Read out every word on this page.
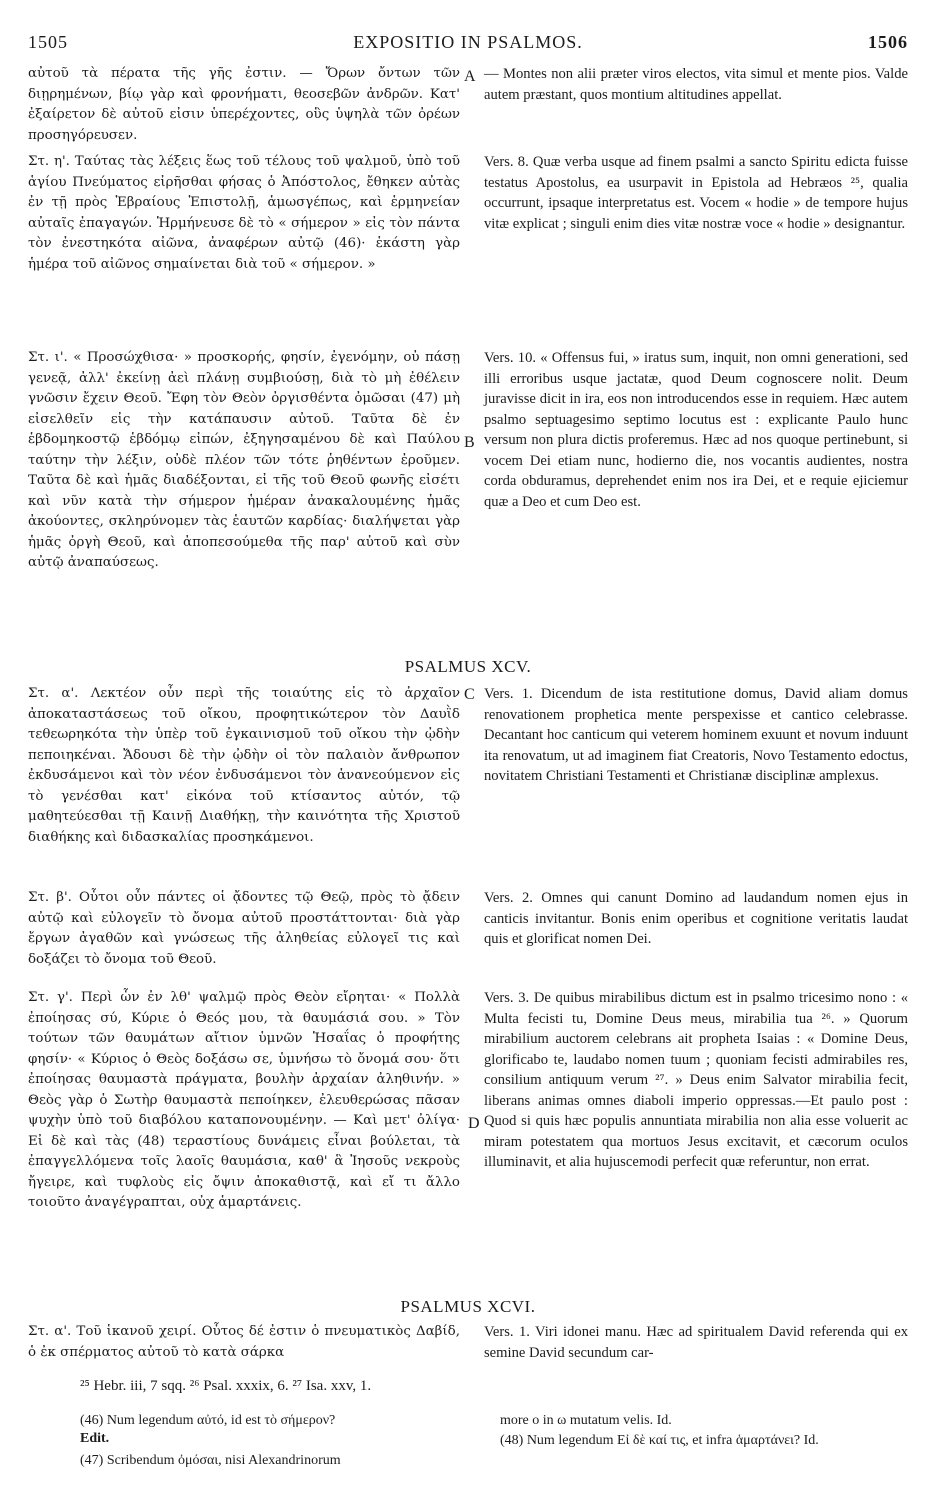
1505	EXPOSITIO IN PSALMOS.	1506

αὐτοῦ τὰ πέρατα τῆς γῆς ἐστιν. — Ὄρων ὄντων τῶν διῃρημένων, βίῳ γὰρ καὶ φρονήματι, θεοσεβῶν ἀνδρῶν. Κατ' ἐξαίρετον δὲ αὐτοῦ εἰσιν ὑπερέχοντες, οὓς ὑψηλὰ τῶν ὀρέων προσηγόρευσεν.

— Montes non alii præter viros electos, vita simul et mente pios. Valde autem præstant, quos montium altitudines appellat.

A

Στ. η'. Ταύτας τὰς λέξεις ἕως τοῦ τέλους τοῦ ψαλμοῦ, ὑπὸ τοῦ ἁγίου Πνεύματος εἰρῆσθαι φήσας ὁ Ἀπόστολος, ἔθηκεν αὐτὰς ἐν τῇ πρὸς Ἑβραίους Ἐπιστολῇ, ἁμωσγέπως, καὶ ἑρμηνείαν αὐταῖς ἐπαγαγών. Ἡρμήνευσε δὲ τὸ « σήμερον » εἰς τὸν πάντα τὸν ἐνεστηκότα αἰῶνα, ἀναφέρων αὐτῷ (46)· ἑκάστη γὰρ ἡμέρα τοῦ αἰῶνος σημαίνεται διὰ τοῦ « σήμερον. »

Vers. 8. Quæ verba usque ad finem psalmi a sancto Spiritu edicta fuisse testatus Apostolus, ea usurpavit in Epistola ad Hebræos ²⁵, qualia occurrunt, ipsaque interpretatus est. Vocem « hodie » de tempore hujus vitæ explicat ; singuli enim dies vitæ nostræ voce « hodie » designantur.

Στ. ι'. « Προσώχθισα· » προσκορής, φησίν, ἐγενόμην, οὐ πάσῃ γενεᾷ, ἀλλ' ἐκείνῃ ἀεὶ πλάνῃ συμβιούσῃ, διὰ τὸ μὴ ἐθέλειν γνῶσιν ἔχειν Θεοῦ. Ἔφη τὸν Θεὸν ὀργισθέντα ὀμῶσαι (47) μὴ εἰσελθεῖν εἰς τὴν κατάπαυσιν αὐτοῦ. Ταῦτα δὲ ἐν ἑβδομηκοστῷ ἑβδόμῳ εἰπών, ἐξηγησαμένου δὲ καὶ Παύλου ταύτην τὴν λέξιν, οὐδὲ πλέον τῶν τότε ῥηθέντων ἐροῦμεν. Ταῦτα δὲ καὶ ἡμᾶς διαδέξονται, εἰ τῆς τοῦ Θεοῦ φωνῆς εἰσέτι καὶ νῦν κατὰ τὴν σήμερον ἡμέραν ἀνακαλουμένης ἡμᾶς ἀκούοντες, σκληρύνομεν τὰς ἑαυτῶν καρδίας· διαλήψεται γὰρ ἡμᾶς ὀργὴ Θεοῦ, καὶ ἀποπεσούμεθα τῆς παρ' αὐτοῦ καὶ σὺν αὐτῷ ἀναπαύσεως.

Vers. 10. « Offensus fui, » iratus sum, inquit, non omni generationi, sed illi erroribus usque jactatæ, quod Deum cognoscere nolit. Deum juravisse dicit in ira, eos non introducendos esse in requiem. Hæc autem psalmo septuagesimo septimo locutus est : explicante Paulo hunc versum non plura dictis proferemus. Hæc ad nos quoque pertinebunt, si vocem Dei etiam nunc, hodierno die, nos vocantis audientes, nostra corda obduramus, deprehendet enim nos ira Dei, et e requie ejiciemur quæ a Deo et cum Deo est.

B
PSALMUS XCV.

Στ. α'. Λεκτέον οὖν περὶ τῆς τοιαύτης εἰς τὸ ἀρχαῖον ἀποκαταστάσεως τοῦ οἴκου, προφητικώτερον τὸν Δαυῒδ τεθεωρηκότα τὴν ὑπὲρ τοῦ ἐγκαινισμοῦ τοῦ οἴκου τὴν ᾠδὴν πεποιηκέναι. Ἄδουσι δὲ τὴν ᾠδὴν οἱ τὸν παλαιὸν ἄνθρωπον ἐκδυσάμενοι καὶ τὸν νέον ἐνδυσάμενοι τὸν ἀνανεούμενον εἰς τὸ γενέσθαι κατ' εἰκόνα τοῦ κτίσαντος αὐτόν, τῷ μαθητεύεσθαι τῇ Καινῇ Διαθήκῃ, τὴν καινότητα τῆς Χριστοῦ διαθήκης καὶ διδασκαλίας προσηκάμενοι.

Vers. 1. Dicendum de ista restitutione domus, David aliam domus renovationem prophetica mente perspexisse et cantico celebrasse. Decantant hoc canticum qui veterem hominem exuunt et novum induunt ita renovatum, ut ad imaginem fiat Creatoris, Novo Testamento edoctus, novitatem Christiani Testamenti et Christianæ disciplinæ amplexus.

C

Στ. β'. Οὗτοι οὖν πάντες οἱ ᾄδοντες τῷ Θεῷ, πρὸς τὸ ᾄδειν αὐτῷ καὶ εὐλογεῖν τὸ ὄνομα αὐτοῦ προστάττονται· διὰ γὰρ ἔργων ἀγαθῶν καὶ γνώσεως τῆς ἀληθείας εὐλογεῖ τις καὶ δοξάζει τὸ ὄνομα τοῦ Θεοῦ.

Vers. 2. Omnes qui canunt Domino ad laudandum nomen ejus in canticis invitantur. Bonis enim operibus et cognitione veritatis laudat quis et glorificat nomen Dei.

Στ. γ'. Περὶ ὧν ἐν λθ' ψαλμῷ πρὸς Θεὸν εἴρηται· « Πολλὰ ἐποίησας σύ, Κύριε ὁ Θεός μου, τὰ θαυμάσιά σου. » Τὸν τούτων τῶν θαυμάτων αἴτιον ὑμνῶν Ἡσαΐας ὁ προφήτης φησίν· « Κύριος ὁ Θεὸς δοξάσω σε, ὑμνήσω τὸ ὄνομά σου· ὅτι ἐποίησας θαυμαστὰ πράγματα, βουλὴν ἀρχαίαν ἀληθινήν. » Θεὸς γὰρ ὁ Σωτὴρ θαυμαστὰ πεποίηκεν, ἐλευθερώσας πᾶσαν ψυχὴν ὑπὸ τοῦ διαβόλου καταπονουμένην. — Καὶ μετ' ὀλίγα· Εἰ δὲ καὶ τὰς (48) τεραστίους δυνάμεις εἶναι βούλεται, τὰ ἐπαγγελλόμενα τοῖς λαοῖς θαυμάσια, καθ' ἃ Ἰησοῦς νεκροὺς ἤγειρε, καὶ τυφλοὺς εἰς ὄψιν ἀποκαθιστᾷ, καὶ εἴ τι ἄλλο τοιοῦτο ἀναγέγραπται, οὐχ ἁμαρτάνεις.

Vers. 3. De quibus mirabilibus dictum est in psalmo tricesimo nono : « Multa fecisti tu, Domine Deus meus, mirabilia tua ²⁶. » Quorum mirabilium auctorem celebrans ait propheta Isaias : « Domine Deus, glorificabo te, laudabo nomen tuum ; quoniam fecisti admirabiles res, consilium antiquum verum ²⁷. » Deus enim Salvator mirabilia fecit, liberans animas omnes diaboli imperio oppressas.—Et paulo post : Quod si quis hæc populis annuntiata mirabilia non alia esse voluerit ac miram potestatem qua mortuos Jesus excitavit, et cæcorum oculos illuminavit, et alia hujuscemodi perfecit quæ referuntur, non errat.

D
PSALMUS XCVI.

Στ. α'. Τοῦ ἱκανοῦ χειρί. Οὗτος δέ ἐστιν ὁ πνευματικὸς Δαβίδ, ὁ ἐκ σπέρματος αὐτοῦ τὸ κατὰ σάρκα

Vers. 1. Viri idonei manu. Hæc ad spiritualem David referenda qui ex semine David secundum car-

²⁵ Hebr. iii, 7 sqq. ²⁶ Psal. xxxix, 6. ²⁷ Isa. xxv, 1.
(46) Num legendum αὐτό, id est τὸ σήμερον?
Edit.
(47) Scribendum ὀμόσαι, nisi Alexandrinorum
more ο in ω mutatum velis. Id.
(48) Num legendum Εἰ δὲ καί τις, et infra ἁμαρτάνει? Id.
